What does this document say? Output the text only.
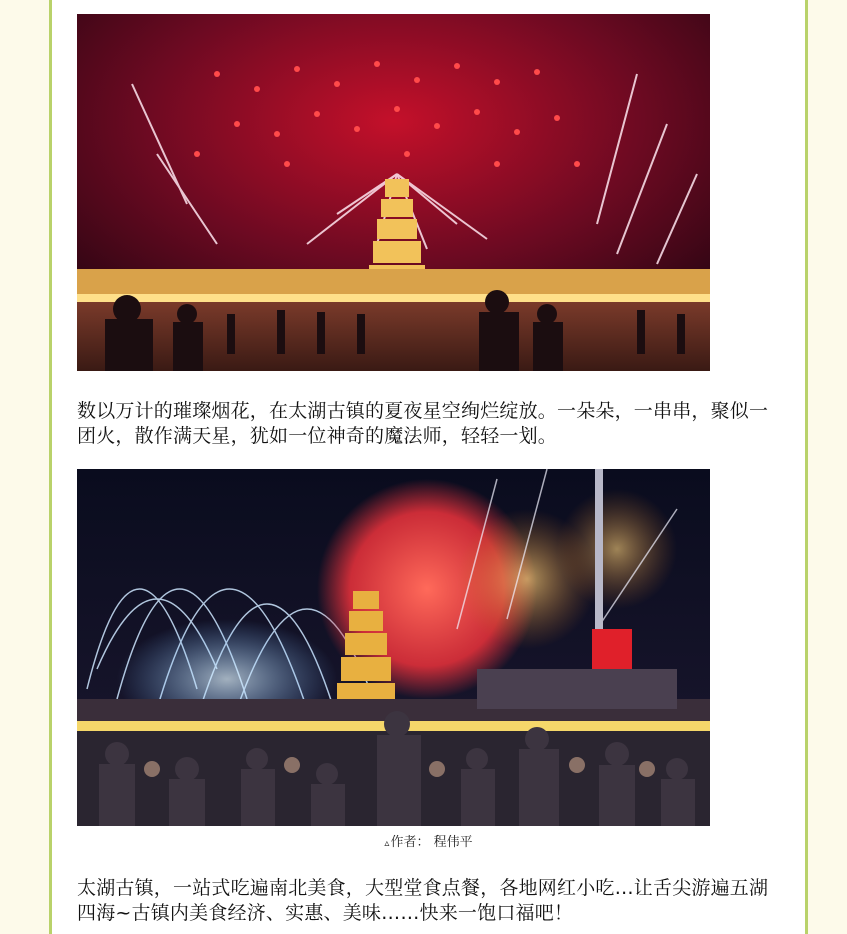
数以万计的璀璨烟花，在太湖古镇的夏夜星空绚烂绽放。一朵朵，一串串，聚似一团火，散作满天星，犹如一位神奇的魔法师，轻轻一划。

▵作者： 程伟平

太湖古镇，一站式吃遍南北美食，大型堂食点餐，各地网红小吃…让舌尖游遍五湖四海~古镇内美食经济、实惠、美味……快来一饱口福吧！
